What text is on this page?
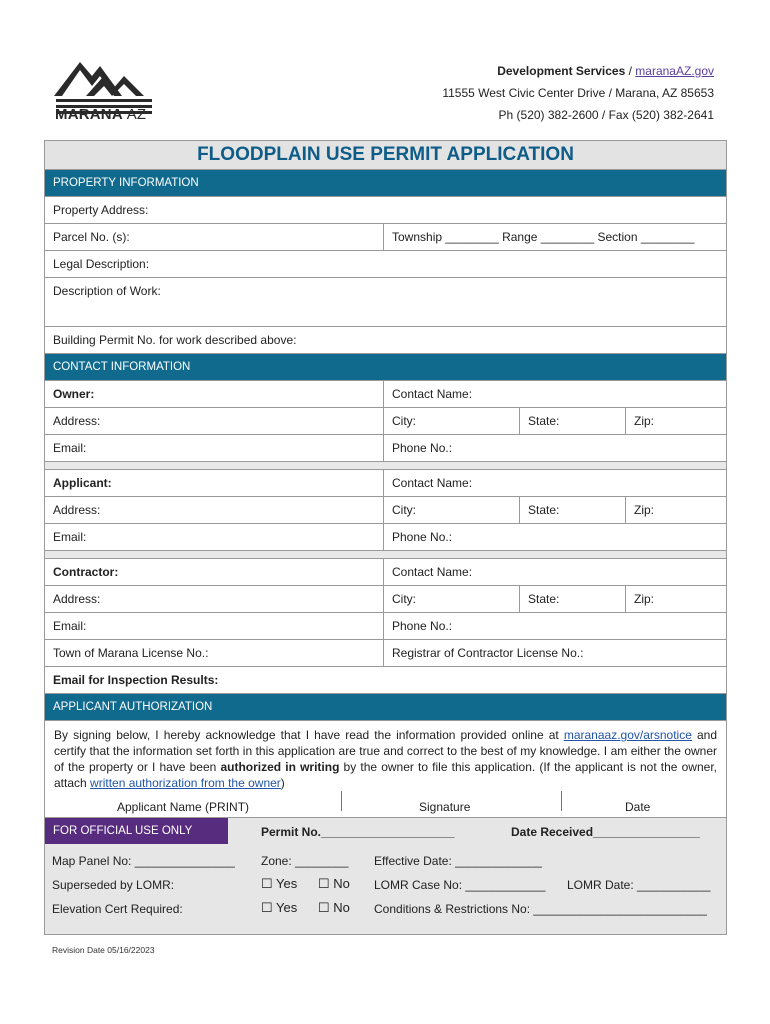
MARANA AZ
Development Services / maranaAZ.gov
11555 West Civic Center Drive / Marana, AZ 85653
Ph (520) 382-2600 / Fax (520) 382-2641
FLOODPLAIN USE PERMIT APPLICATION
PROPERTY INFORMATION
Property Address:
Parcel No. (s):	Township ________ Range ________ Section ________
Legal Description:
Description of Work:
Building Permit No. for work described above:
CONTACT INFORMATION
Owner:	Contact Name:
Address:	City:	State:	Zip:
Email:	Phone No.:
Applicant:	Contact Name:
Address:	City:	State:	Zip:
Email:	Phone No.:
Contractor:	Contact Name:
Address:	City:	State:	Zip:
Email:	Phone No.:
Town of Marana License No.:	Registrar of Contractor License No.:
Email for Inspection Results:
APPLICANT AUTHORIZATION
By signing below, I hereby acknowledge that I have read the information provided online at maranaaz.gov/arsnotice and certify that the information set forth in this application are true and correct to the best of my knowledge. I am either the owner of the property or I have been authorized in writing by the owner to file this application. (If the applicant is not the owner, attach written authorization from the owner)
Applicant Name (PRINT)	Signature	Date
FOR OFFICIAL USE ONLY	Permit No.____________________	Date Received________________
Map Panel No: _______________ Zone: ________ Effective Date: _____________
Superseded by LOMR:	☐ Yes ☐ No LOMR Case No: ____________ LOMR Date: ___________
Elevation Cert Required:	☐ Yes ☐ No Conditions & Restrictions No: __________________________
Revision Date 05/16/22023
